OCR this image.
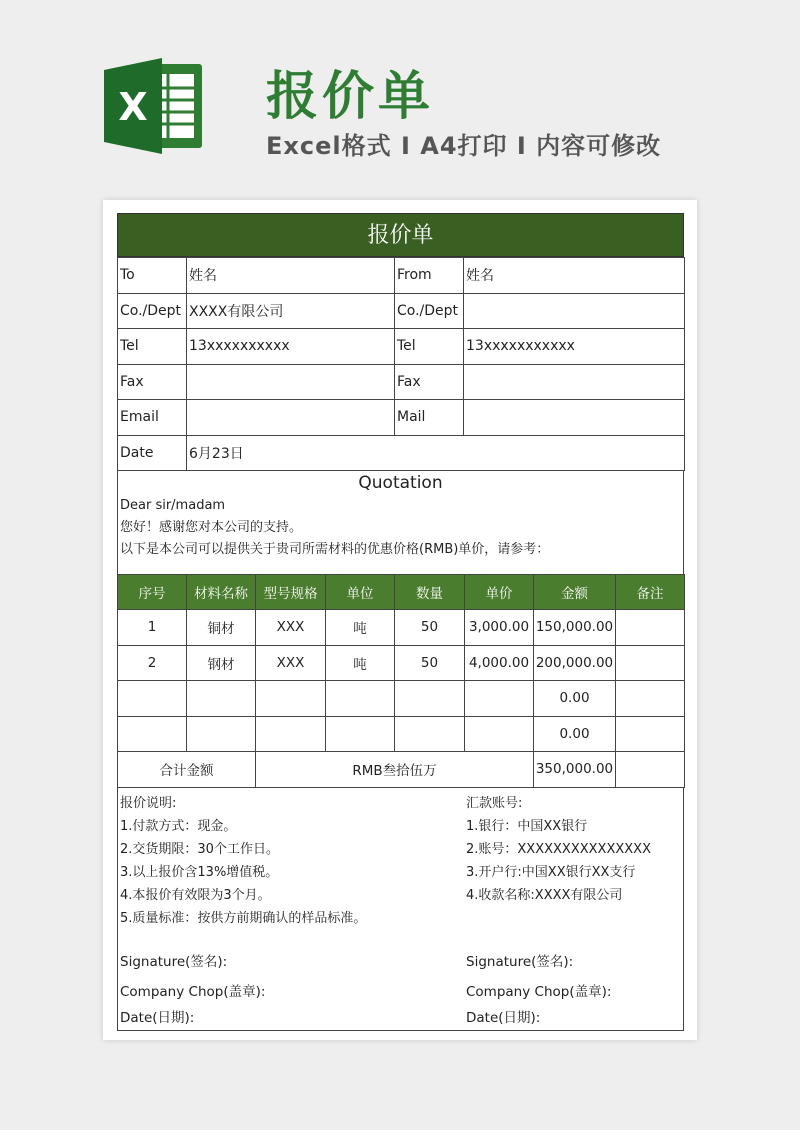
X 报价单
Excel格式 I A4打印 I 内容可修改
报价单
To	姓名	From	姓名
Co./Dept	XXXX有限公司	Co./Dept	
Tel	13xxxxxxxxxx	Tel	13xxxxxxxxxxx
Fax		Fax	
Email		Mail	
Date	6月23日		
Quotation
Dear sir/madam
您好！感谢您对本公司的支持。
以下是本公司可以提供关于贵司所需材料的优惠价格(RMB)单价，请参考：
序号	材料名称	型号规格	单位	数量	单价	金额	备注
1	铜材	XXX	吨	50	3,000.00	150,000.00	
2	钢材	XXX	吨	50	4,000.00	200,000.00	
						0.00	
						0.00	
合计金额		RMB叁拾伍万				350,000.00	
报价说明:
1.付款方式：现金。
2.交货期限：30个工作日。
3.以上报价含13%增值税。
4.本报价有效限为3个月。
5.质量标准：按供方前期确认的样品标准。
汇款账号:
1.银行：中国XX银行
2.账号：XXXXXXXXXXXXXXX
3.开户行:中国XX银行XX支行
4.收款名称:XXXX有限公司
Signature(签名):
Company Chop(盖章):
Date(日期):
Signature(签名):
Company Chop(盖章):
Date(日期):
